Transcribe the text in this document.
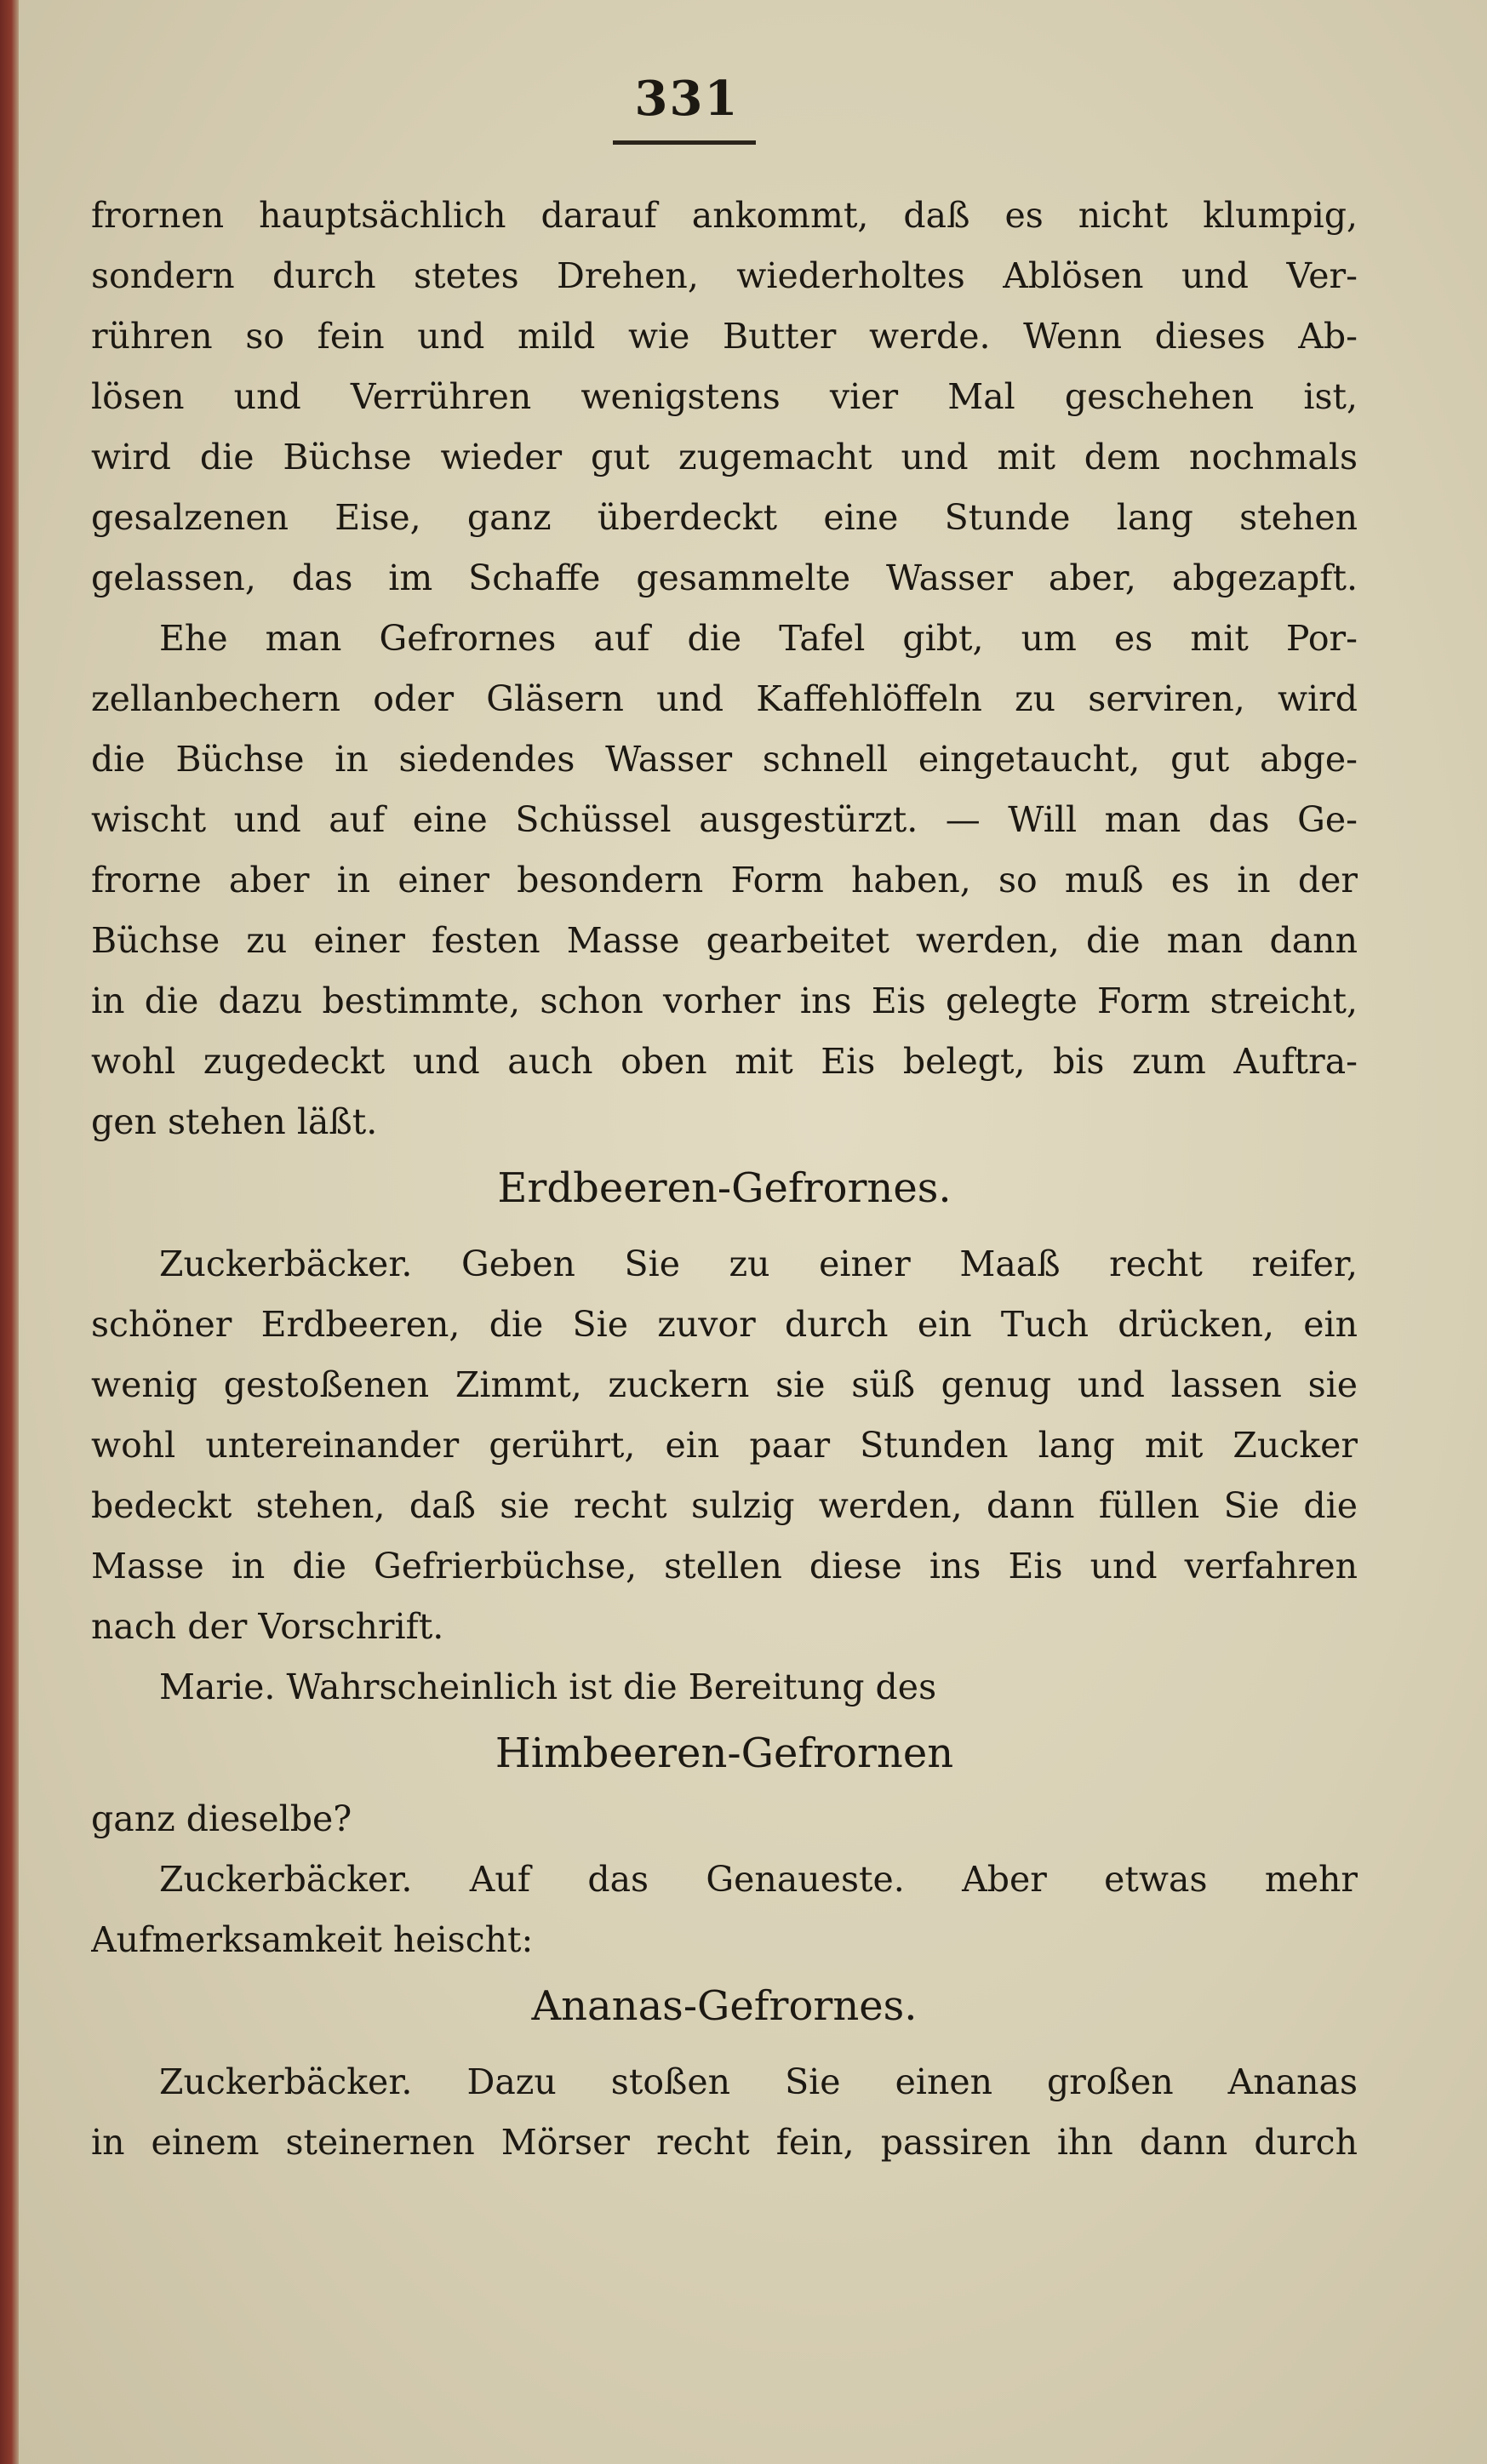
331
frornen hauptsächlich darauf ankommt, daß es nicht klumpig,
sondern durch stetes Drehen, wiederholtes Ablösen und Ver-
rühren so fein und mild wie Butter werde. Wenn dieses Ab-
lösen und Verrühren wenigstens vier Mal geschehen ist,
wird die Büchse wieder gut zugemacht und mit dem nochmals
gesalzenen Eise, ganz überdeckt eine Stunde lang stehen
gelassen, das im Schaffe gesammelte Wasser aber, abgezapft.
Ehe man Gefrornes auf die Tafel gibt, um es mit Por-
zellanbechern oder Gläsern und Kaffehlöffeln zu serviren, wird
die Büchse in siedendes Wasser schnell eingetaucht, gut abge-
wischt und auf eine Schüssel ausgestürzt. — Will man das Ge-
frorne aber in einer besondern Form haben, so muß es in der
Büchse zu einer festen Masse gearbeitet werden, die man dann
in die dazu bestimmte, schon vorher ins Eis gelegte Form streicht,
wohl zugedeckt und auch oben mit Eis belegt, bis zum Auftra-
gen stehen läßt.
Erdbeeren-Gefrornes.
Zuckerbäcker. Geben Sie zu einer Maaß recht reifer,
schöner Erdbeeren, die Sie zuvor durch ein Tuch drücken, ein
wenig gestoßenen Zimmt, zuckern sie süß genug und lassen sie
wohl untereinander gerührt, ein paar Stunden lang mit Zucker
bedeckt stehen, daß sie recht sulzig werden, dann füllen Sie die
Masse in die Gefrierbüchse, stellen diese ins Eis und verfahren
nach der Vorschrift.
Marie. Wahrscheinlich ist die Bereitung des
Himbeeren-Gefrornen
ganz dieselbe?
Zuckerbäcker. Auf das Genaueste. Aber etwas mehr
Aufmerksamkeit heischt:
Ananas-Gefrornes.
Zuckerbäcker. Dazu stoßen Sie einen großen Ananas
in einem steinernen Mörser recht fein, passiren ihn dann durch
